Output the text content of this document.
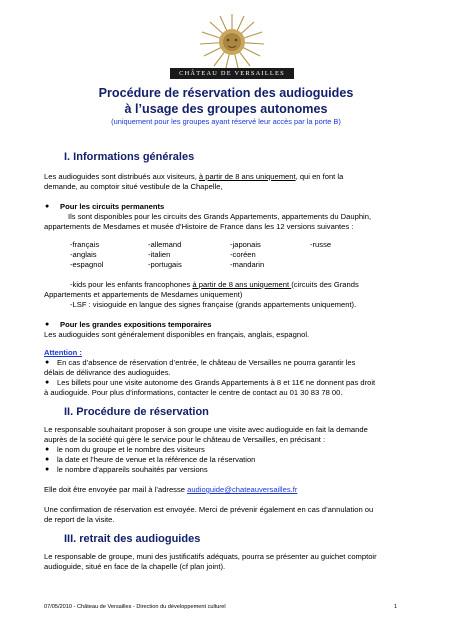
CHÂTEAU DE VERSAILLES
Procédure de réservation des audioguides
à l’usage des groupes autonomes
(uniquement pour les groupes ayant réservé leur accès par la porte B)
I. Informations générales
Les audioguides sont distribués aux visiteurs, à partir de 8 ans uniquement, qui en font la
demande, au comptoir situé vestibule de la Chapelle,
● Pour les circuits permanents
Ils sont disponibles pour les circuits des Grands Appartements, appartements du Dauphin,
appartements de Mesdames et musée d’Histoire de France dans les 12 versions suivantes :
-français	-allemand	-japonais	-russe
-anglais	-italien	-coréen
-espagnol	-portugais	-mandarin
-kids pour les enfants francophones à partir de 8 ans uniquement (circuits des Grands
Appartements et appartements de Mesdames uniquement)
-LSF : visioguide en langue des signes française (grands appartements uniquement).
● Pour les grandes expositions temporaires
Les audioguides sont généralement disponibles en français, anglais, espagnol.
Attention :
● En cas d’absence de réservation d’entrée, le château de Versailles ne pourra garantir les
délais de délivrance des audioguides.
● Les billets pour une visite autonome des Grands Appartements à 8 et 11€ ne donnent pas droit
à audioguide. Pour plus d’informations, contacter le centre de contact au 01 30 83 78 00.
II. Procédure de réservation
Le responsable souhaitant proposer à son groupe une visite avec audioguide en fait la demande
auprès de la société qui gère le service pour le château de Versailles, en précisant :
● le nom du groupe et le nombre des visiteurs
● la date et l’heure de venue et la référence de la réservation
● le nombre d’appareils souhaités par versions
Elle doit être envoyée par mail à l’adresse audioguide@chateauversailles.fr
Une confirmation de réservation est envoyée. Merci de prévenir également en cas d’annulation ou
de report de la visite.
III. retrait des audioguides
Le responsable de groupe, muni des justificatifs adéquats, pourra se présenter au guichet comptoir
audioguide, situé en face de la chapelle (cf plan joint).
07/05/2010 - Château de Versailles - Direction du développement culturel	1
